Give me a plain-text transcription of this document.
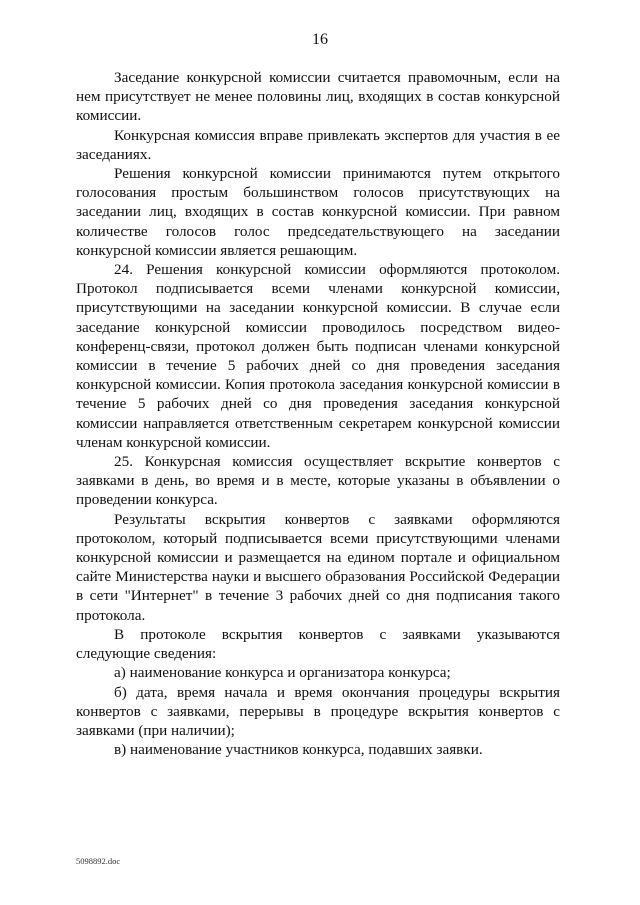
16

Заседание конкурсной комиссии считается правомочным, если на нем присутствует не менее половины лиц, входящих в состав конкурсной комиссии.

Конкурсная комиссия вправе привлекать экспертов для участия в ее заседаниях.

Решения конкурсной комиссии принимаются путем открытого голосования простым большинством голосов присутствующих на заседании лиц, входящих в состав конкурсной комиссии. При равном количестве голосов голос председательствующего на заседании конкурсной комиссии является решающим.

24. Решения конкурсной комиссии оформляются протоколом. Протокол подписывается всеми членами конкурсной комиссии, присутствующими на заседании конкурсной комиссии. В случае если заседание конкурсной комиссии проводилось посредством видео-конференц-связи, протокол должен быть подписан членами конкурсной комиссии в течение 5 рабочих дней со дня проведения заседания конкурсной комиссии. Копия протокола заседания конкурсной комиссии в течение 5 рабочих дней со дня проведения заседания конкурсной комиссии направляется ответственным секретарем конкурсной комиссии членам конкурсной комиссии.

25. Конкурсная комиссия осуществляет вскрытие конвертов с заявками в день, во время и в месте, которые указаны в объявлении о проведении конкурса.

Результаты вскрытия конвертов с заявками оформляются протоколом, который подписывается всеми присутствующими членами конкурсной комиссии и размещается на едином портале и официальном сайте Министерства науки и высшего образования Российской Федерации в сети "Интернет" в течение 3 рабочих дней со дня подписания такого протокола.

В протоколе вскрытия конвертов с заявками указываются следующие сведения:

а) наименование конкурса и организатора конкурса;

б) дата, время начала и время окончания процедуры вскрытия конвертов с заявками, перерывы в процедуре вскрытия конвертов с заявками (при наличии);

в) наименование участников конкурса, подавших заявки.

5098892.doc
